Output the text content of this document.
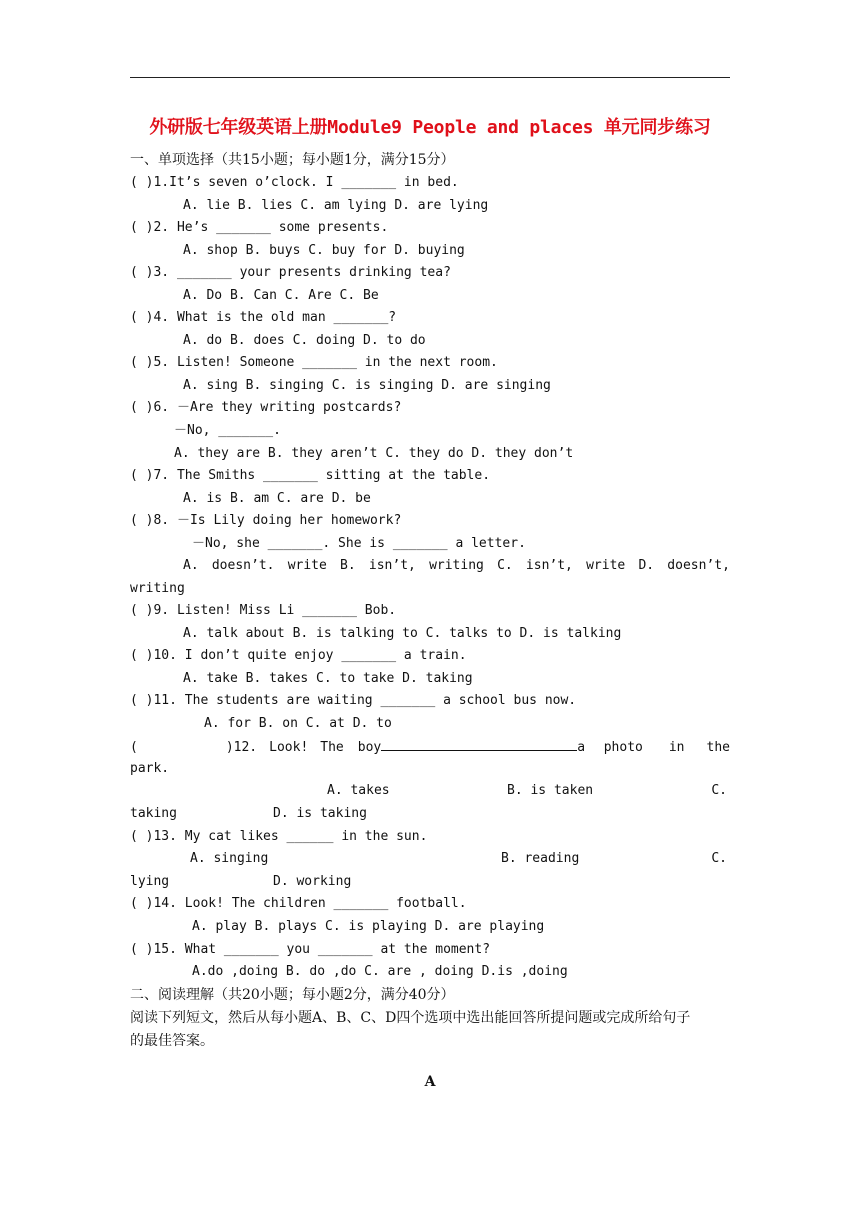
外研版七年级英语上册Module9 People and places 单元同步练习
一、单项选择（共15小题；每小题1分，满分15分）
( )1.It’s seven o’clock. I _______ in bed.
A. lie B. lies C. am lying D. are lying
( )2. He’s _______ some presents.
A. shop B. buys C. buy for D. buying
( )3. _______ your presents drinking tea?
A. Do B. Can C. Are C. Be
( )4. What is the old man _______?
A. do B. does C. doing D. to do
( )5. Listen! Someone _______ in the next room.
A. sing B. singing C. is singing D. are singing
( )6. －Are they writing postcards?
－No, _______.
A. they are B. they aren’t C. they do D. they don’t
( )7. The Smiths _______ sitting at the table.
A. is B. am C. are D. be
( )8. －Is Lily doing her homework?
－No, she _______. She is _______ a letter.
A. doesn’t. write B. isn’t, writing C. isn’t, write D. doesn’t,
writing
( )9. Listen! Miss Li _______ Bob.
A. talk about B. is talking to C. talks to D. is talking
( )10. I don’t quite enjoy _______ a train.
A. take B. takes C. to take D. taking
( )11. The students are waiting _______ a school bus now.
A. for B. on C. at D. to
(	)12. Look! The boy	a photo in the
park.
A. takes	B. is taken	C.
taking	D. is taking
( )13. My cat likes ______ in the sun.
A. singing	B. reading	C.
lying	D. working
( )14. Look! The children _______ football.
A. play B. plays C. is playing D. are playing
( )15. What _______ you _______ at the moment?
A.do ,doing B. do ,do C. are , doing D.is ,doing
二、阅读理解（共20小题；每小题2分，满分40分）
阅读下列短文，然后从每小题A、B、C、D四个选项中选出能回答所提问题或完成所给句子
的最佳答案。
A
